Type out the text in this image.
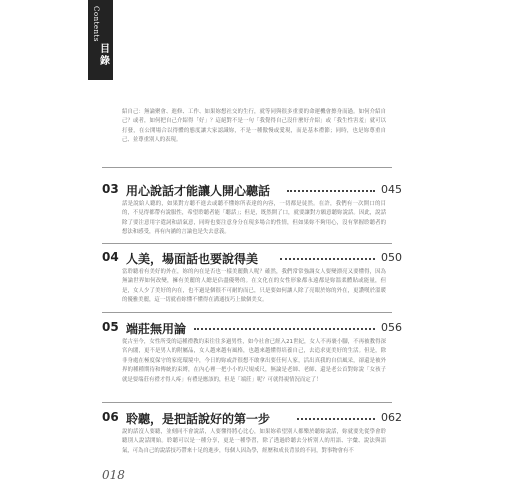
Contents
目錄

紹自己：無論聚會、進修、工作、如果妳想社交的生行，就等同與很多重要的命運機會擦身而過。如何介紹自己？或者，如何把自己介紹得「好」？這絕對不是一句「我覺得自己沒什麼好介紹」或「我生性害羞」就可以打發，在公開場合以得體的態度讓大家認識妳，不是一種傲慢或愛現，而是基本禮節；同時，也是妳尊重自己、並尊重別人的表現。

03 用心說話才能讓人開心聽話	045

話是說給人聽的，如果對方聽不進去或聽不懂妳所表達的內容，一切都是徒然。在許，我們有一次開口的目的，不見得都帶有說服性，希望聆聽者能「聽話」；但是，既然開了口，就要讓對方願意聽妳說話。因此，說話除了要注意用字遣詞和語氣意，同時也要注意身分在現多場合的性情，但如果妳不夠用心，沒有掌握聆聽者的想法和感受，再有內涵的言論也是失去意義。

04 人美，場面話也要說得美	050

當聆聽看有美好的外在，妳的內在是否也一樣美麗動人呢？確然，我們常常強調女人要變漂亮又要懂得，因為無論世界如何改變，擁有美麗的人總是佔盡優勢的。在文化在的女性形象都永遠都是妳溫柔體貼或能量，但是，女人少了美好的內在，也不過是個很不可耐的而已，只是要如何讓人除了亮眼於妳的外在，更讚嘆於溫暖的優雅美麗，這一切就看妳懂不懂得在溝通技巧上做個美女。

05 端莊無用論	056

從古至今，女性所受的這種禮教約束往往多過男性，如今社會已經入21世紀，女人不再裹小腳，不再被教得深宮內閣，更不是男人的附屬品，女人越來越有風格，也越來越懂得培養自己，去追求更美好的生活。但是，除非身處在極度保守的家庭環境中，今日的妳或許很想不敢拿出要任何人家，活出真我的自信風采，卻還是被外界的種種期待和傳統的束縛，在內心裡一把小小的尺規戒尺，無論是老師、老師、還是老公首對妳說「女孩子就是要端莊有禮才得人疼」有禮是應該的，但是「端莊」呢？可就得視情況而定了！

06 聆聽，是把話說好的第一步	062

說的話沒人要聽，並刻同不會說話，人要懂得將心比心，如果妳希望別人都樂於聽妳說話，妳就要先從學會聆聽別人說話開始。聆聽可以是一種分享，更是一種學習，除了透過聆聽去分析別人的用語、字彙、說法與語氣，可為自己的說話技巧帶來十足的進步，每個人因為學，經歷和成長背景的不同，對事物會有不

018
